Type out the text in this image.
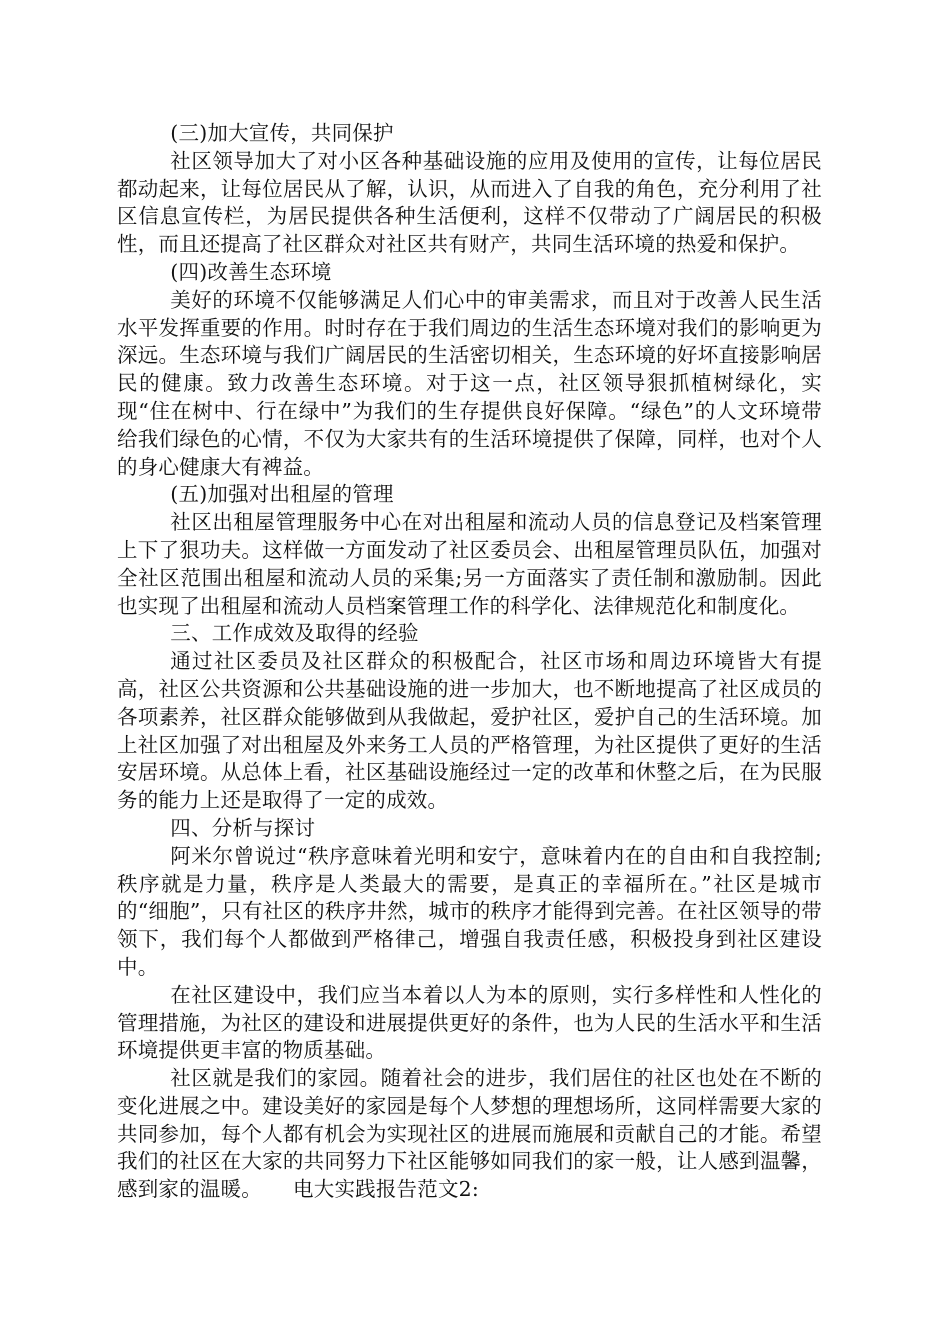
(三)加大宣传，共同保护

社区领导加大了对小区各种基础设施的应用及使用的宣传，让每位居民都动起来，让每位居民从了解，认识，从而进入了自我的角色，充分利用了社区信息宣传栏，为居民提供各种生活便利，这样不仅带动了广阔居民的积极性，而且还提高了社区群众对社区共有财产，共同生活环境的热爱和保护。

(四)改善生态环境

美好的环境不仅能够满足人们心中的审美需求，而且对于改善人民生活水平发挥重要的作用。时时存在于我们周边的生活生态环境对我们的影响更为深远。生态环境与我们广阔居民的生活密切相关，生态环境的好坏直接影响居民的健康。致力改善生态环境。对于这一点，社区领导狠抓植树绿化，实现“住在树中、行在绿中”为我们的生存提供良好保障。“绿色”的人文环境带给我们绿色的心情，不仅为大家共有的生活环境提供了保障，同样，也对个人的身心健康大有裨益。

(五)加强对出租屋的管理

社区出租屋管理服务中心在对出租屋和流动人员的信息登记及档案管理上下了狠功夫。这样做一方面发动了社区委员会、出租屋管理员队伍，加强对全社区范围出租屋和流动人员的采集;另一方面落实了责任制和激励制。因此也实现了出租屋和流动人员档案管理工作的科学化、法律规范化和制度化。

三、工作成效及取得的经验

通过社区委员及社区群众的积极配合，社区市场和周边环境皆大有提高，社区公共资源和公共基础设施的进一步加大，也不断地提高了社区成员的各项素养，社区群众能够做到从我做起，爱护社区，爱护自己的生活环境。加上社区加强了对出租屋及外来务工人员的严格管理，为社区提供了更好的生活安居环境。从总体上看，社区基础设施经过一定的改革和休整之后，在为民服务的能力上还是取得了一定的成效。

四、分析与探讨

阿米尔曾说过“秩序意味着光明和安宁，意味着内在的自由和自我控制;秩序就是力量，秩序是人类最大的需要，是真正的幸福所在。”社区是城市的“细胞”，只有社区的秩序井然，城市的秩序才能得到完善。在社区领导的带领下，我们每个人都做到严格律己，增强自我责任感，积极投身到社区建设中。

在社区建设中，我们应当本着以人为本的原则，实行多样性和人性化的管理措施，为社区的建设和进展提供更好的条件，也为人民的生活水平和生活环境提供更丰富的物质基础。

社区就是我们的家园。随着社会的进步，我们居住的社区也处在不断的变化进展之中。建设美好的家园是每个人梦想的理想场所，这同样需要大家的共同参加，每个人都有机会为实现社区的进展而施展和贡献自己的才能。希望我们的社区在大家的共同努力下社区能够如同我们的家一般，让人感到温馨，感到家的温暖。　　电大实践报告范文2:
